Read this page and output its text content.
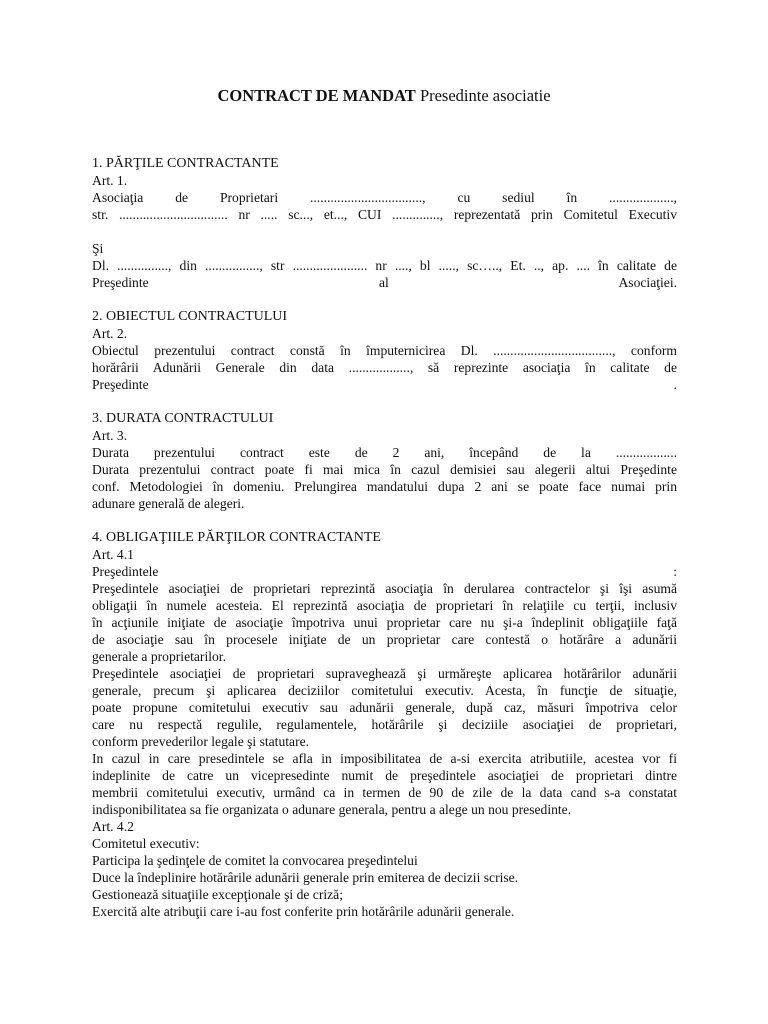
CONTRACT DE MANDAT Presedinte asociatie
1. PĂRŢILE CONTRACTANTE
Art. 1.
Asociaţia de Proprietari ................................., cu sediul în ...................,
str. ................................ nr ..... sc..., et..., CUI .............., reprezentată prin Comitetul Executiv
Şi
Dl. ..............., din ................, str ...................... nr ...., bl ....., sc….., Et. .., ap. .... în calitate de
Preşedinte al Asociaţiei.
2. OBIECTUL CONTRACTULUI
Art. 2.
Obiectul prezentului contract constă în împuternicirea Dl. ..................................., conform
horărârii Adunării Generale din data .................., să reprezinte asociaţia în calitate de
Preşedinte .
3. DURATA CONTRACTULUI
Art. 3.
Durata prezentului contract este de 2 ani, începând de la ..................
Durata prezentului contract poate fi mai mica în cazul demisiei sau alegerii altui Preşedinte
conf. Metodologiei în domeniu. Prelungirea mandatului dupa 2 ani se poate face numai prin
adunare generală de alegeri.
4. OBLIGAŢIILE PĂRŢILOR CONTRACTANTE
Art. 4.1
Preşedintele :
Preşedintele asociaţiei de proprietari reprezintă asociaţia în derularea contractelor şi îşi asumă
obligaţii în numele acesteia. El reprezintă asociaţia de proprietari în relaţiile cu terţii, inclusiv
în acţiunile iniţiate de asociaţie împotriva unui proprietar care nu şi-a îndeplinit obligaţiile faţă
de asociaţie sau în procesele iniţiate de un proprietar care contestă o hotărâre a adunării
generale a proprietarilor.
Preşedintele asociaţiei de proprietari supraveghează şi urmăreşte aplicarea hotărârilor adunării
generale, precum şi aplicarea deciziilor comitetului executiv. Acesta, în funcţie de situaţie,
poate propune comitetului executiv sau adunării generale, după caz, măsuri împotriva celor
care nu respectă regulile, regulamentele, hotărârile şi deciziile asociaţiei de proprietari,
conform prevederilor legale şi statutare.
In cazul in care presedintele se afla in imposibilitatea de a-si exercita atributiile, acestea vor fi
indeplinite de catre un vicepresedinte numit de preşedintele asociaţiei de proprietari dintre
membrii comitetului executiv, urmând ca in termen de 90 de zile de la data cand s-a constatat
indisponibilitatea sa fie organizata o adunare generala, pentru a alege un nou presedinte.
Art. 4.2
Comitetul executiv:
Participa la şedinţele de comitet la convocarea preşedintelui
Duce la îndeplinire hotărârile adunării generale prin emiterea de decizii scrise.
Gestionează situaţiile excepţionale şi de criză;
Exercită alte atribuţii care i-au fost conferite prin hotărârile adunării generale.
